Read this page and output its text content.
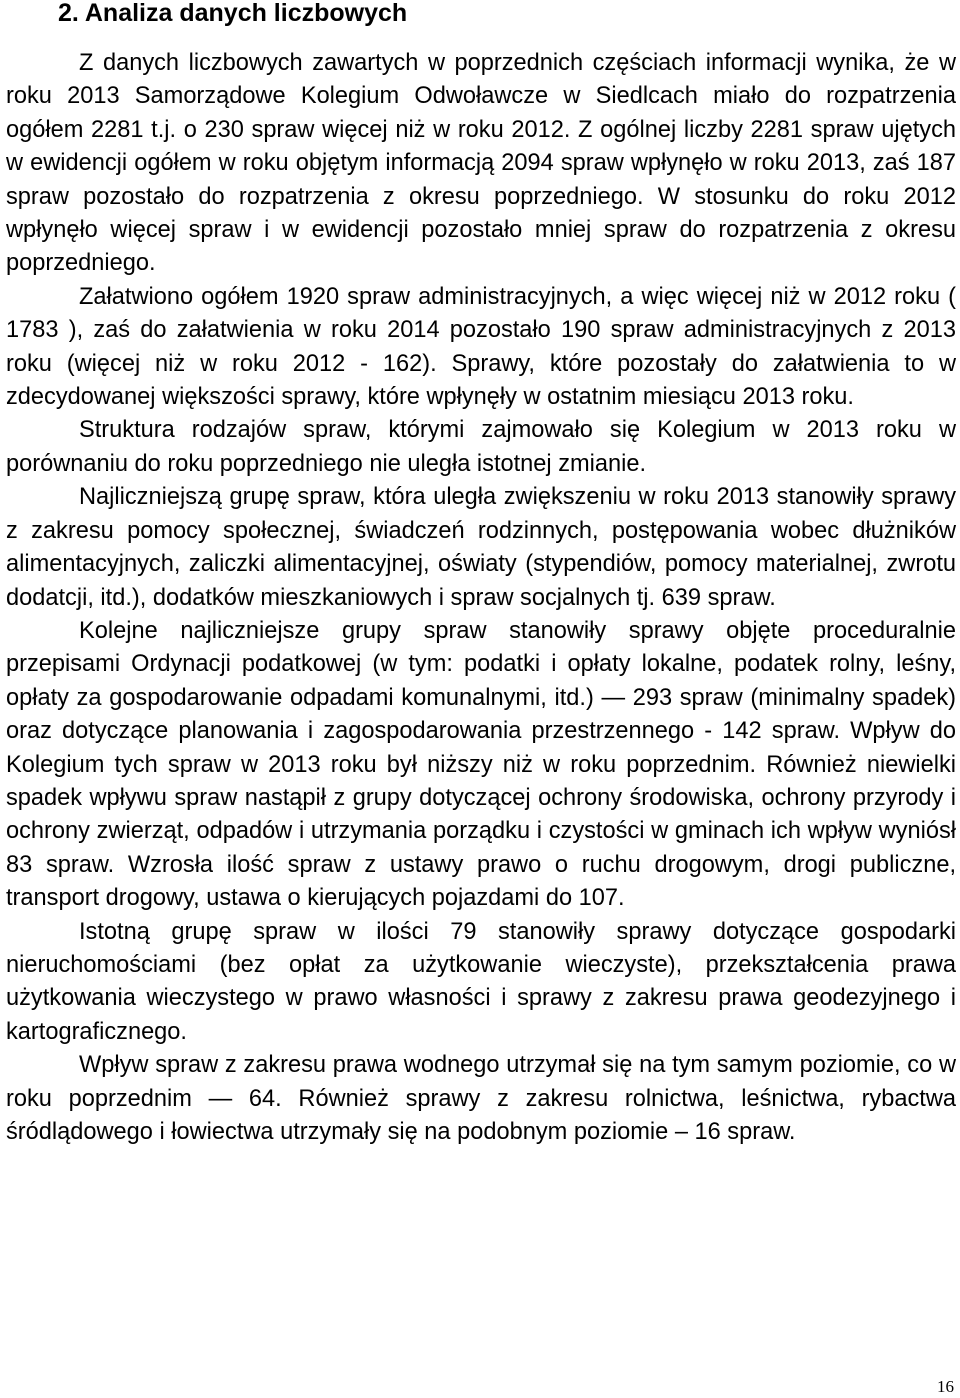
2. Analiza danych liczbowych

Z danych liczbowych zawartych w poprzednich częściach informacji wynika, że w roku 2013 Samorządowe Kolegium Odwoławcze w Siedlcach miało do rozpatrzenia ogółem 2281 t.j. o 230 spraw więcej niż w roku 2012. Z ogólnej liczby 2281 spraw ujętych w ewidencji ogółem w roku objętym informacją 2094 spraw wpłynęło w roku 2013, zaś 187 spraw pozostało do rozpatrzenia z okresu poprzedniego. W stosunku do roku 2012 wpłynęło więcej spraw i w ewidencji pozostało mniej spraw do rozpatrzenia z okresu poprzedniego.

Załatwiono ogółem 1920 spraw administracyjnych, a więc więcej niż w 2012 roku ( 1783 ), zaś do załatwienia w roku 2014 pozostało 190 spraw administracyjnych z 2013 roku (więcej niż w roku 2012 - 162). Sprawy, które pozostały do załatwienia to w zdecydowanej większości sprawy, które wpłynęły w ostatnim miesiącu 2013 roku.

Struktura rodzajów spraw, którymi zajmowało się Kolegium w 2013 roku w porównaniu do roku poprzedniego nie uległa istotnej zmianie.

Najliczniejszą grupę spraw, która uległa zwiększeniu w roku 2013 stanowiły sprawy z zakresu pomocy społecznej, świadczeń rodzinnych, postępowania wobec dłużników alimentacyjnych, zaliczki alimentacyjnej, oświaty (stypendiów, pomocy materialnej, zwrotu dodatcji, itd.), dodatków mieszkaniowych i spraw socjalnych tj. 639 spraw.

Kolejne najliczniejsze grupy spraw stanowiły sprawy objęte proceduralnie przepisami Ordynacji podatkowej (w tym: podatki i opłaty lokalne, podatek rolny, leśny, opłaty za gospodarowanie odpadami komunalnymi, itd.) — 293 spraw (minimalny spadek) oraz dotyczące planowania i zagospodarowania przestrzennego - 142 spraw. Wpływ do Kolegium tych spraw w 2013 roku był niższy niż w roku poprzednim. Również niewielki spadek wpływu spraw nastąpił z grupy dotyczącej ochrony środowiska, ochrony przyrody i ochrony zwierząt, odpadów i utrzymania porządku i czystości w gminach ich wpływ wyniósł 83 spraw. Wzrosła ilość spraw z ustawy prawo o ruchu drogowym, drogi publiczne, transport drogowy, ustawa o kierujących pojazdami do 107.

Istotną grupę spraw w ilości 79 stanowiły sprawy dotyczące gospodarki nieruchomościami (bez opłat za użytkowanie wieczyste), przekształcenia prawa użytkowania wieczystego w prawo własności i sprawy z zakresu prawa geodezyjnego i kartograficznego.

Wpływ spraw z zakresu prawa wodnego utrzymał się na tym samym poziomie, co w roku poprzednim — 64. Również sprawy z zakresu rolnictwa, leśnictwa, rybactwa śródlądowego i łowiectwa utrzymały się na podobnym poziomie – 16 spraw.

16
